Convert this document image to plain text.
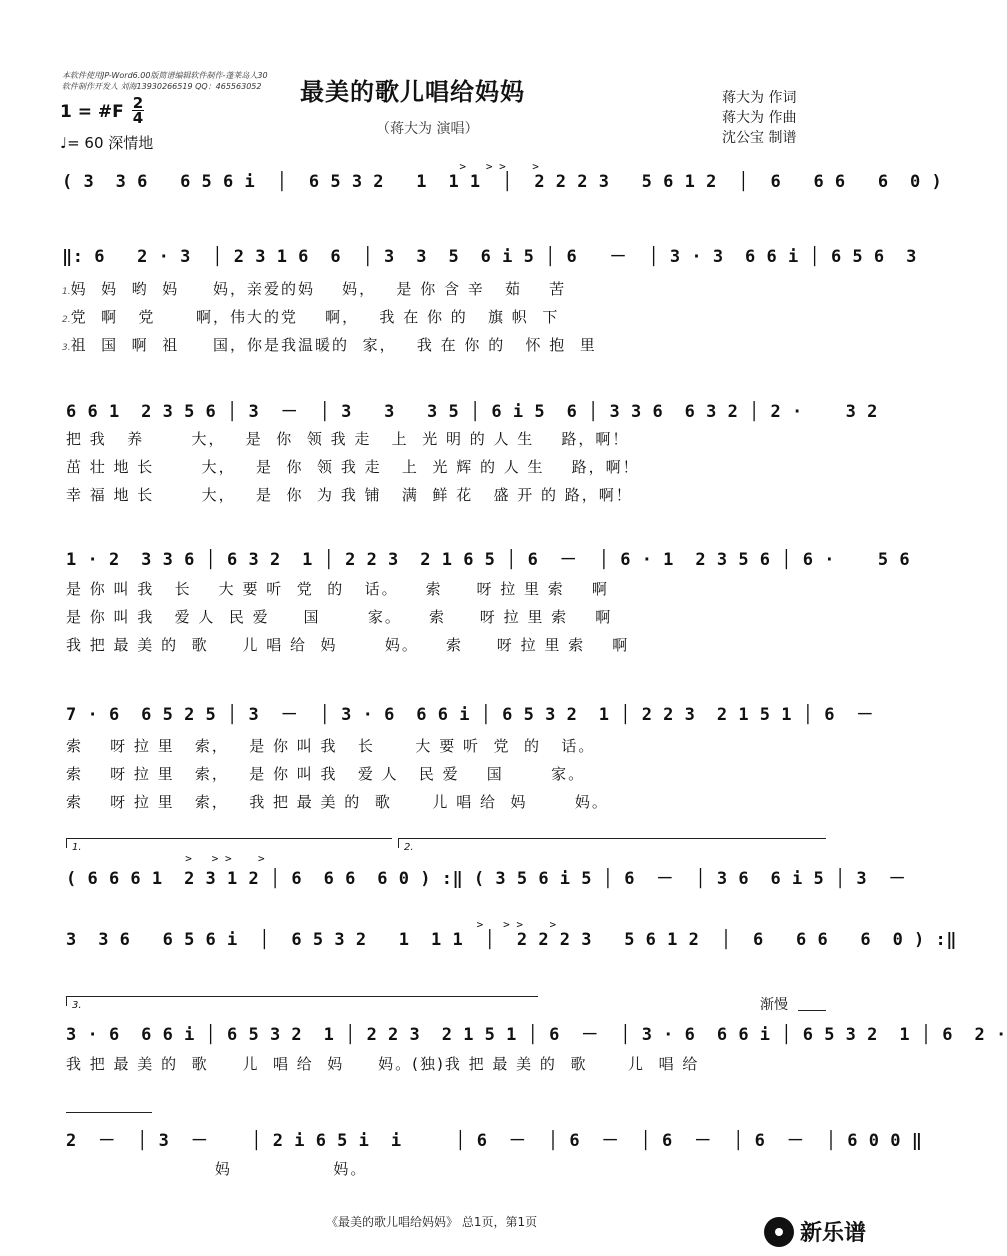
本软件使用JP-Word6.00版简谱编辑软件制作-蓬莱岛人30
软件制作开发人 刘海13930266519 QQ：465563052 最美的歌儿唱给妈妈
（蒋大为 演唱）
蒋大为 作词
蒋大为 作曲
沈公宝 制谱
1 = #F 2
4
♩= 60 深情地
>   > >    >
( 3  3 6   6 5 6 i  │  6 5 3 2   1  1 1  │  2 2 2 3   5 6 1 2  │  6   6 6   6  0 )
‖: 6   2 · 3  │ 2 3 1 6  6  │ 3  3  5  6 i 5 │ 6   －  │ 3 · 3  6 6 i │ 6 5 6  3
1.妈  妈  哟  妈     妈，亲爱的妈    妈，   是 你 含 辛   茹    苦
2.党  啊   党      啊，伟大的党    啊，   我 在 你 的   旗 帜  下
3.祖  国  啊  祖     国，你是我温暖的  家，   我 在 你 的   怀 抱  里
6 6 1  2 3 5 6 │ 3  －  │ 3   3   3 5 │ 6 i 5  6 │ 3 3 6  6 3 2 │ 2 ·    3 2
把 我   养       大，   是  你  领 我 走   上  光 明 的 人 生    路，啊！
茁 壮 地 长       大，   是  你  领 我 走   上  光 辉 的 人 生    路，啊！
幸 福 地 长       大，   是  你  为 我 铺   满  鲜 花   盛 开 的 路，啊！
1 · 2  3 3 6 │ 6 3 2  1 │ 2 2 3  2 1 6 5 │ 6  －  │ 6 · 1  2 3 5 6 │ 6 ·    5 6
是 你 叫 我   长    大 要 听  党  的   话。    索     呀 拉 里 索    啊
是 你 叫 我   爱 人  民 爱     国       家。    索     呀 拉 里 索    啊
我 把 最 美 的  歌     儿 唱 给  妈       妈。    索     呀 拉 里 索    啊
7 · 6  6 5 2 5 │ 3  －  │ 3 · 6  6 6 i │ 6 5 3 2  1 │ 2 2 3  2 1 5 1 │ 6  －
索    呀 拉 里   索，   是 你 叫 我   长      大 要 听  党  的   话。
索    呀 拉 里   索，   是 你 叫 我   爱 人   民 爱    国       家。
索    呀 拉 里   索，   我 把 最 美 的  歌      儿 唱 给  妈       妈。
1.	2.
>   > >    >
( 6 6 6 1  2 3 1 2 │ 6  6 6  6 0 ) :‖ ( 3 5 6 i 5 │ 6  －  │ 3 6  6 i 5 │ 3  －
>   > >    >
3  3 6   6 5 6 i  │  6 5 3 2   1  1 1  │  2 2 2 3   5 6 1 2  │  6   6 6   6  0 ) :‖
3.	渐慢
3 · 6  6 6 i │ 6 5 3 2  1 │ 2 2 3  2 1 5 1 │ 6  －  │ 3 · 6  6 6 i │ 6 5 3 2  1 │ 6  2 ·
我 把 最 美 的  歌     儿  唱 给  妈     妈。(独)我 把 最 美 的  歌      儿  唱 给
2  －  │ 3  －    │ 2 i 6 5 i  i     │ 6  －  │ 6  －  │ 6  －  │ 6  －  │ 6 0 0 ‖
妈               妈。
《最美的歌儿唱给妈妈》 总1页，第1页	新乐谱
